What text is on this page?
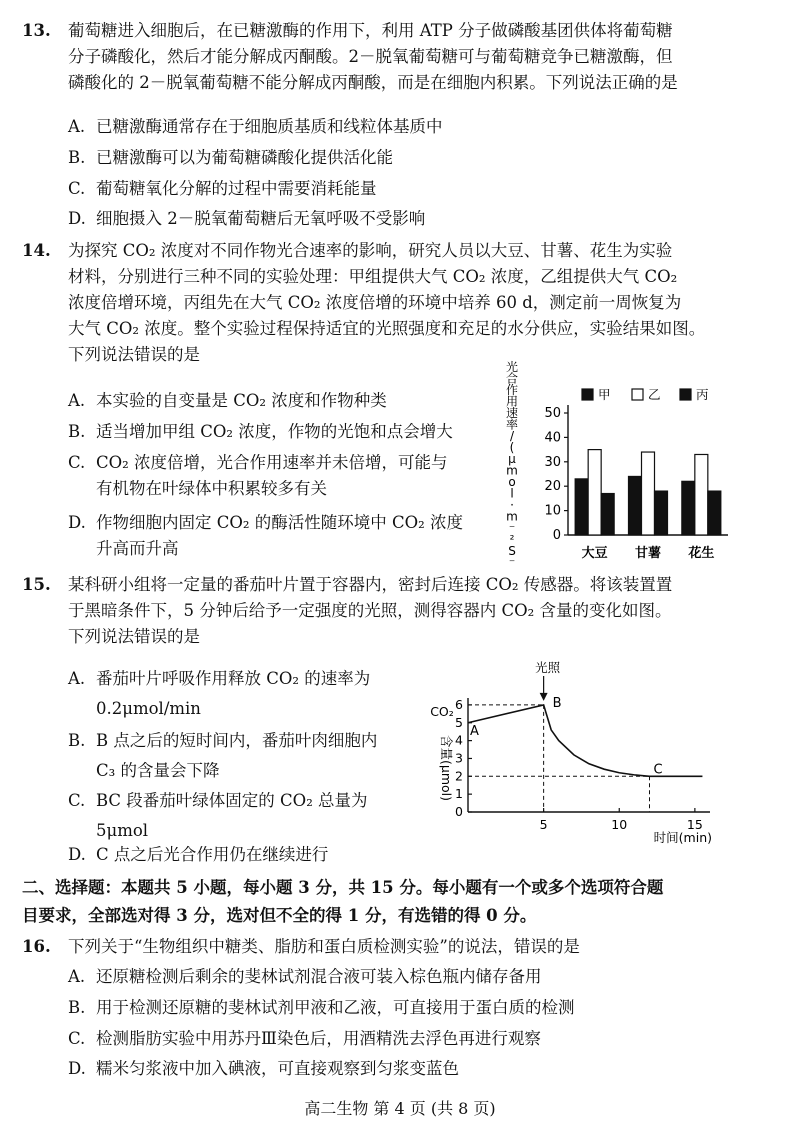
13. 葡萄糖进入细胞后，在已糖激酶的作用下，利用 ATP 分子做磷酸基团供体将葡萄糖

分子磷酸化，然后才能分解成丙酮酸。2－脱氧葡萄糖可与葡萄糖竞争已糖激酶，但

磷酸化的 2－脱氧葡萄糖不能分解成丙酮酸，而是在细胞内积累。下列说法正确的是

A. 已糖激酶通常存在于细胞质基质和线粒体基质中
B. 已糖激酶可以为葡萄糖磷酸化提供活化能
C. 葡萄糖氧化分解的过程中需要消耗能量
D. 细胞摄入 2－脱氧葡萄糖后无氧呼吸不受影响
14. 为探究 CO₂ 浓度对不同作物光合速率的影响，研究人员以大豆、甘薯、花生为实验

材料，分别进行三种不同的实验处理：甲组提供大气 CO₂ 浓度，乙组提供大气 CO₂

浓度倍增环境，丙组先在大气 CO₂ 浓度倍增的环境中培养 60 d，测定前一周恢复为

大气 CO₂ 浓度。整个实验过程保持适宜的光照强度和充足的水分供应，实验结果如图。

下列说法错误的是

A. 本实验的自变量是 CO₂ 浓度和作物种类
B. 适当增加甲组 CO₂ 浓度，作物的光饱和点会增大
C. CO₂ 浓度倍增，光合作用速率并未倍增，可能与
有机物在叶绿体中积累较多有关
D. 作物细胞内固定 CO₂ 的酶活性随环境中 CO₂ 浓度
升高而升高
光合作用速率/ ( μ m o l · m ⁻ ² S ⁻
甲	乙	丙
0
10
20
30
40
50
大豆 甘薯 花生
15. 某科研小组将一定量的番茄叶片置于容器内，密封后连接 CO₂ 传感器。将该装置置

于黑暗条件下，5 分钟后给予一定强度的光照，测得容器内 CO₂ 含量的变化如图。

下列说法错误的是

A. 番茄叶片呼吸作用释放 CO₂ 的速率为
0.2μmol/min
B. B 点之后的短时间内，番茄叶肉细胞内
C₃ 的含量会下降
C. BC 段番茄叶绿体固定的 CO₂ 总量为
5μmol
D. C 点之后光合作用仍在继续进行
CO₂
含量(μmol)
时间(min)
光照
0
1
2
3
4
5
6
5	10	15
A
B
C
二、选择题：本题共 5 小题，每小题 3 分，共 15 分。每小题有一个或多个选项符合题
目要求，全部选对得 3 分，选对但不全的得 1 分，有选错的得 0 分。
16. 下列关于“生物组织中糖类、脂肪和蛋白质检测实验”的说法，错误的是

A. 还原糖检测后剩余的斐林试剂混合液可装入棕色瓶内储存备用
B. 用于检测还原糖的斐林试剂甲液和乙液，可直接用于蛋白质的检测
C. 检测脂肪实验中用苏丹Ⅲ染色后，用酒精洗去浮色再进行观察
D. 糯米匀浆液中加入碘液，可直接观察到匀浆变蓝色
高二生物 第 4 页 (共 8 页)
